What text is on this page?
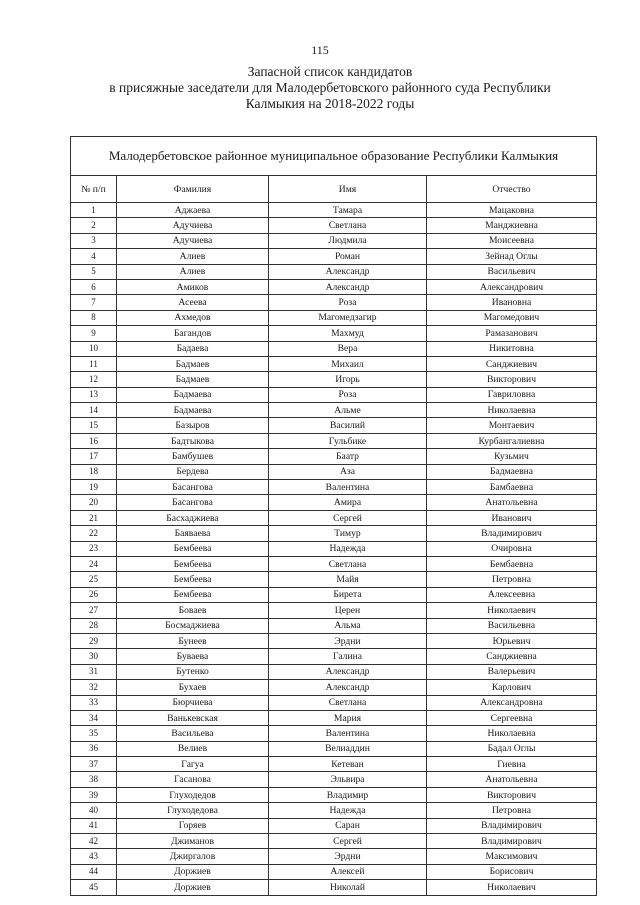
115
Запасной список кандидатов
в присяжные заседатели для Малодербетовского районного суда Республики
Калмыкия на 2018-2022 годы
Малодербетовское районное муниципальное образование Республики Калмыкия			
№ п/п	Фамилия	Имя	Отчество
1	Аджаева	Тамара	Мацаковна
2	Адучиева	Светлана	Манджиевна
3	Адучиева	Людмила	Моисеевна
4	Алиев	Роман	Зейнад Оглы
5	Алиев	Александр	Васильевич
6	Амиков	Александр	Александрович
7	Асеева	Роза	Ивановна
8	Ахмедов	Магомедзагир	Магомедович
9	Багандов	Махмуд	Рамазанович
10	Бадаева	Вера	Никитовна
11	Бадмаев	Михаил	Санджиевич
12	Бадмаев	Игорь	Викторович
13	Бадмаева	Роза	Гавриловна
14	Бадмаева	Альме	Николаевна
15	Базыров	Василий	Монтаевич
16	Бадтыкова	Гульбике	Курбангалиевна
17	Бамбушев	Баатр	Кузьмич
18	Бердева	Аза	Бадмаевна
19	Басангова	Валентина	Бамбаевна
20	Басангова	Амира	Анатольевна
21	Басхаджиева	Сергей	Иванович
22	Баяваева	Тимур	Владимирович
23	Бембеева	Надежда	Очировна
24	Бембеева	Светлана	Бембаевна
25	Бембеева	Майя	Петровна
26	Бембеева	Бирета	Алексеевна
27	Боваев	Церен	Николаевич
28	Босмаджиева	Альма	Васильевна
29	Бунеев	Эрдни	Юрьевич
30	Буваева	Галина	Санджиевна
31	Бутенко	Александр	Валерьевич
32	Бухаев	Александр	Карлович
33	Бюрчиева	Светлана	Александровна
34	Ванькевская	Мария	Сергеевна
35	Васильева	Валентина	Николаевна
36	Велиев	Велиаддин	Бадал Оглы
37	Гагуа	Кетеван	Гиевна
38	Гасанова	Эльвира	Анатольевна
39	Глуходедов	Владимир	Викторович
40	Глуходедова	Надежда	Петровна
41	Горяев	Саран	Владимирович
42	Джиманов	Сергей	Владимирович
43	Джиргалов	Эрдни	Максимович
44	Доржиев	Алексей	Борисович
45	Доржиев	Николай	Николаевич
